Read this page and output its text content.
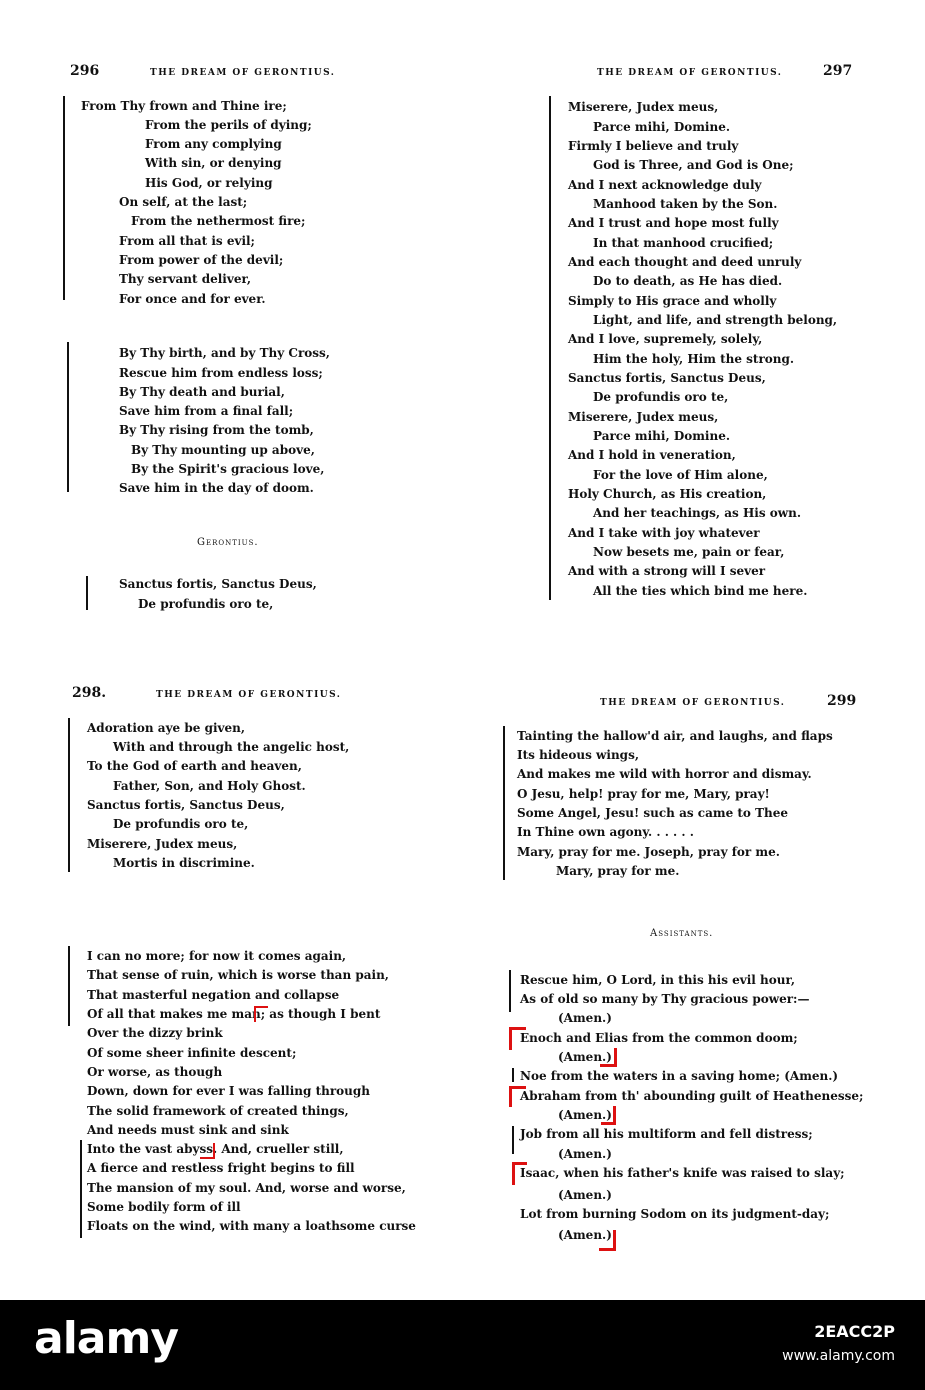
296	THE DREAM OF GERONTIUS.
From Thy frown and Thine ire;
From the perils of dying;
From any complying
With sin, or denying
His God, or relying
On self, at the last;
From the nethermost fire;
From all that is evil;
From power of the devil;
Thy servant deliver,
For once and for ever.
By Thy birth, and by Thy Cross,
Rescue him from endless loss;
By Thy death and burial,
Save him from a final fall;
By Thy rising from the tomb,
By Thy mounting up above,
By the Spirit's gracious love,
Save him in the day of doom.
Gerontius.
Sanctus fortis, Sanctus Deus,
De profundis oro te,
THE DREAM OF GERONTIUS.	297
Miserere, Judex meus,
Parce mihi, Domine.
Firmly I believe and truly
God is Three, and God is One;
And I next acknowledge duly
Manhood taken by the Son.
And I trust and hope most fully
In that manhood crucified;
And each thought and deed unruly
Do to death, as He has died.
Simply to His grace and wholly
Light, and life, and strength belong,
And I love, supremely, solely,
Him the holy, Him the strong.
Sanctus fortis, Sanctus Deus,
De profundis oro te,
Miserere, Judex meus,
Parce mihi, Domine.
And I hold in veneration,
For the love of Him alone,
Holy Church, as His creation,
And her teachings, as His own.
And I take with joy whatever
Now besets me, pain or fear,
And with a strong will I sever
All the ties which bind me here.
298.	THE DREAM OF GERONTIUS.
Adoration aye be given,
With and through the angelic host,
To the God of earth and heaven,
Father, Son, and Holy Ghost.
Sanctus fortis, Sanctus Deus,
De profundis oro te,
Miserere, Judex meus,
Mortis in discrimine.
I can no more; for now it comes again,
That sense of ruin, which is worse than pain,
That masterful negation and collapse
Of all that makes me man; as though I bent
Over the dizzy brink
Of some sheer infinite descent;
Or worse, as though
Down, down for ever I was falling through
The solid framework of created things,
And needs must sink and sink
Into the vast abyss. And, crueller still,
A fierce and restless fright begins to fill
The mansion of my soul. And, worse and worse,
Some bodily form of ill
Floats on the wind, with many a loathsome curse
THE DREAM OF GERONTIUS.	299
Tainting the hallow'd air, and laughs, and flaps
Its hideous wings,
And makes me wild with horror and dismay.
O Jesu, help! pray for me, Mary, pray!
Some Angel, Jesu! such as came to Thee
In Thine own agony. . . . . .
Mary, pray for me. Joseph, pray for me.
Mary, pray for me.
Assistants.
Rescue him, O Lord, in this his evil hour,
As of old so many by Thy gracious power:—
(Amen.)
Enoch and Elias from the common doom;
(Amen.)
Noe from the waters in a saving home; (Amen.)
Abraham from th' abounding guilt of Heathenesse;
(Amen.)
Job from all his multiform and fell distress;
(Amen.)
Isaac, when his father's knife was raised to slay;
(Amen.)
Lot from burning Sodom on its judgment-day;
(Amen.)
alamy	2EACC2P
www.alamy.com
